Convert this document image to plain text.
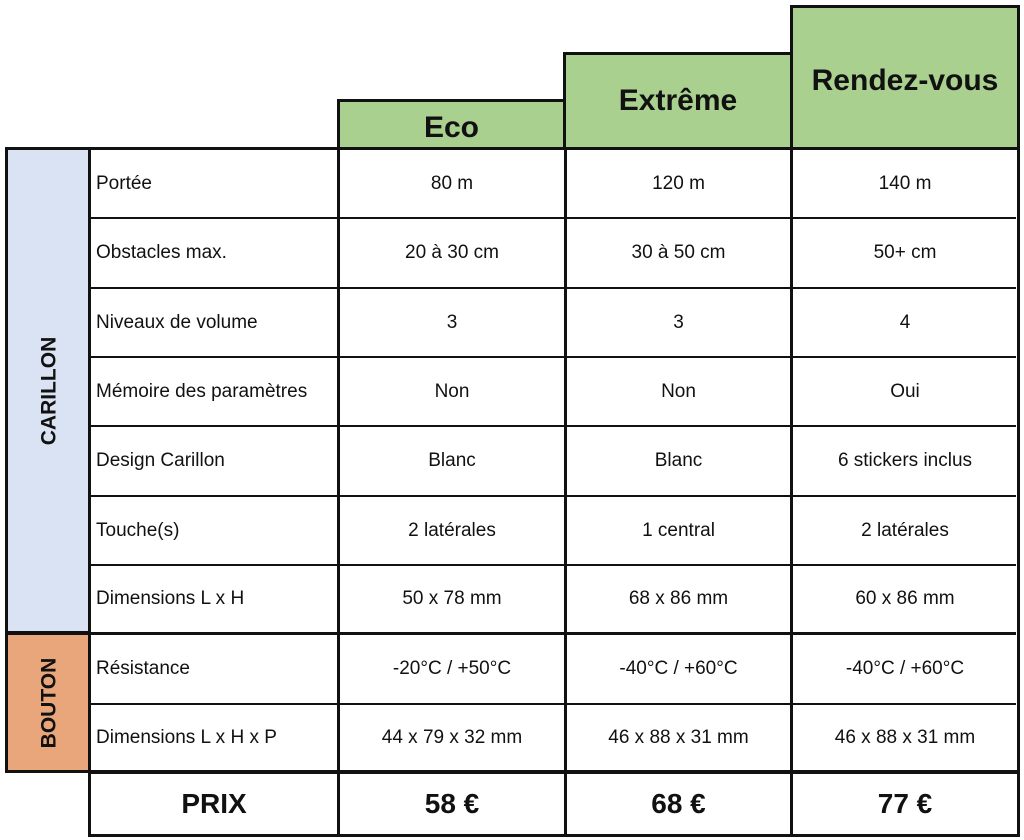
Eco
Extrême
Rendez-vous
CARILLON
BOUTON
Portée	80 m	120 m	140 m
Obstacles max.	20 à 30 cm	30 à 50 cm	50+ cm
Niveaux de volume	3	3	4
Mémoire des paramètres	Non	Non	Oui
Design Carillon	Blanc	Blanc	6 stickers inclus
Touche(s)	2 latérales	1 central	2 latérales
Dimensions L x H	50 x 78 mm	68 x 86 mm	60 x 86 mm
Résistance	-20°C / +50°C	-40°C / +60°C	-40°C / +60°C
Dimensions L x H x P	44 x 79 x 32 mm	46 x 88 x 31 mm	46 x 88 x 31 mm
PRIX	58 €	68 €	77 €
